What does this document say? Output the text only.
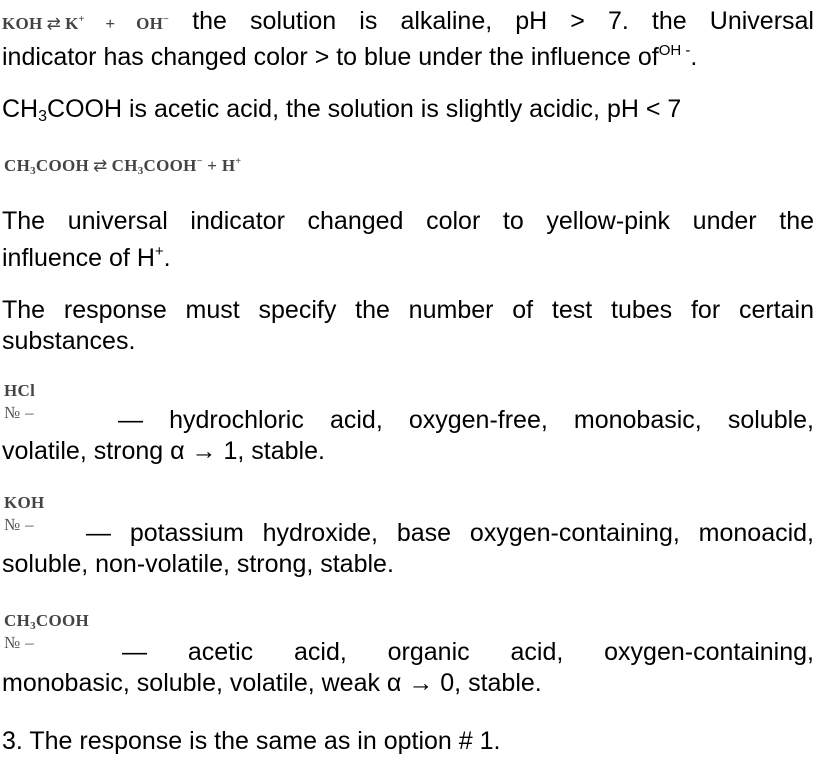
KOH ⇄ K+ + OH− the solution is alkaline, pH > 7. the Universal
indicator has changed color > to blue under the influence $of^{OH -}$.
$CH_3COOH$ is acetic acid, the solution is slightly acidic, pH < 7
$CH_3COOH$ ⇄ $CH_3COOH^- + H^+$
The universal indicator changed color to yellow-pink under the
influence of H+.
The response must specify the number of test tubes for certain
substances.
HCl
№ –	— hydrochloric acid, oxygen-free, monobasic, soluble,
volatile, strong α → 1, stable.
KOH
№ – — potassium hydroxide, base oxygen-containing, monoacid,
soluble, non-volatile, strong, stable.
$CH_3COOH$
№ –	— acetic acid, organic acid, oxygen-containing,
monobasic, soluble, volatile, weak α → 0, stable.
3. The response is the same as in option # 1.
